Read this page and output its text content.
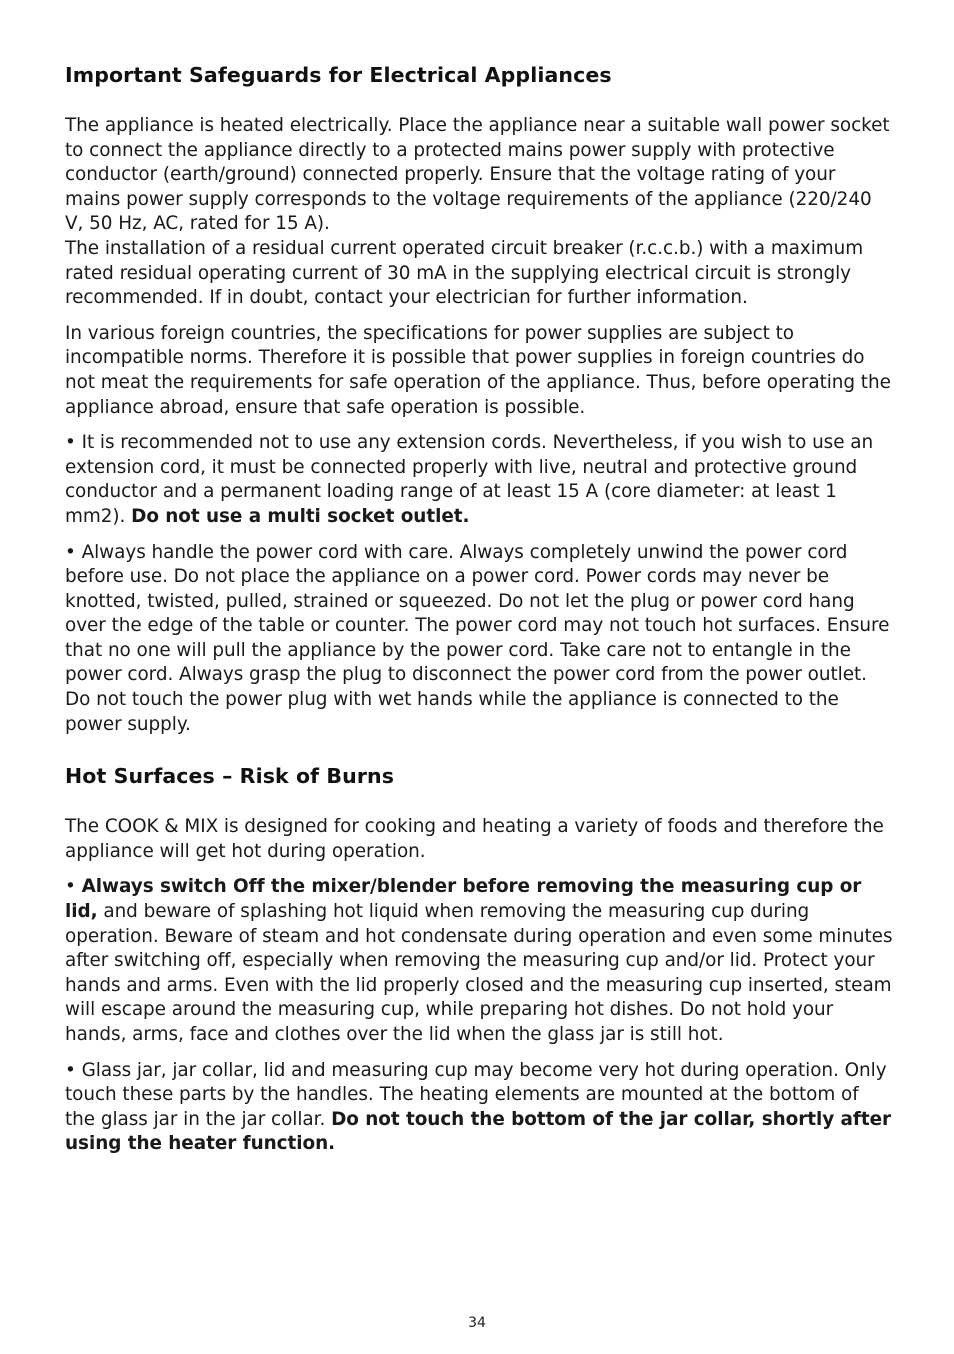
Important Safeguards for Electrical Appliances

The appliance is heated electrically. Place the appliance near a suitable wall power socket to connect the appliance directly to a protected mains power supply with protective conductor (earth/ground) connected properly. Ensure that the voltage rating of your mains power supply corresponds to the voltage requirements of the appliance (220/240 V, 50 Hz, AC, rated for 15 A).

The installation of a residual current operated circuit breaker (r.c.c.b.) with a maximum rated residual operating current of 30 mA in the supplying electrical circuit is strongly recommended. If in doubt, contact your electrician for further information.

In various foreign countries, the specifications for power supplies are subject to incompatible norms. Therefore it is possible that power supplies in foreign countries do not meat the requirements for safe operation of the appliance. Thus, before operating the appliance abroad, ensure that safe operation is possible.

• It is recommended not to use any extension cords. Nevertheless, if you wish to use an extension cord, it must be connected properly with live, neutral and protective ground conductor and a permanent loading range of at least 15 A (core diameter: at least 1 mm2). Do not use a multi socket outlet.

• Always handle the power cord with care. Always completely unwind the power cord before use. Do not place the appliance on a power cord. Power cords may never be knotted, twisted, pulled, strained or squeezed. Do not let the plug or power cord hang over the edge of the table or counter. The power cord may not touch hot surfaces. Ensure that no one will pull the appliance by the power cord. Take care not to entangle in the power cord. Always grasp the plug to disconnect the power cord from the power outlet. Do not touch the power plug with wet hands while the appliance is connected to the power supply.

Hot Surfaces – Risk of Burns

The COOK & MIX is designed for cooking and heating a variety of foods and therefore the appliance will get hot during operation.

• Always switch Off the mixer/blender before removing the measuring cup or lid, and beware of splashing hot liquid when removing the measuring cup during operation. Beware of steam and hot condensate during operation and even some minutes after switching off, especially when removing the measuring cup and/or lid. Protect your hands and arms. Even with the lid properly closed and the measuring cup inserted, steam will escape around the measuring cup, while preparing hot dishes. Do not hold your hands, arms, face and clothes over the lid when the glass jar is still hot.

• Glass jar, jar collar, lid and measuring cup may become very hot during operation. Only touch these parts by the handles. The heating elements are mounted at the bottom of the glass jar in the jar collar. Do not touch the bottom of the jar collar, shortly after using the heater function.

34
